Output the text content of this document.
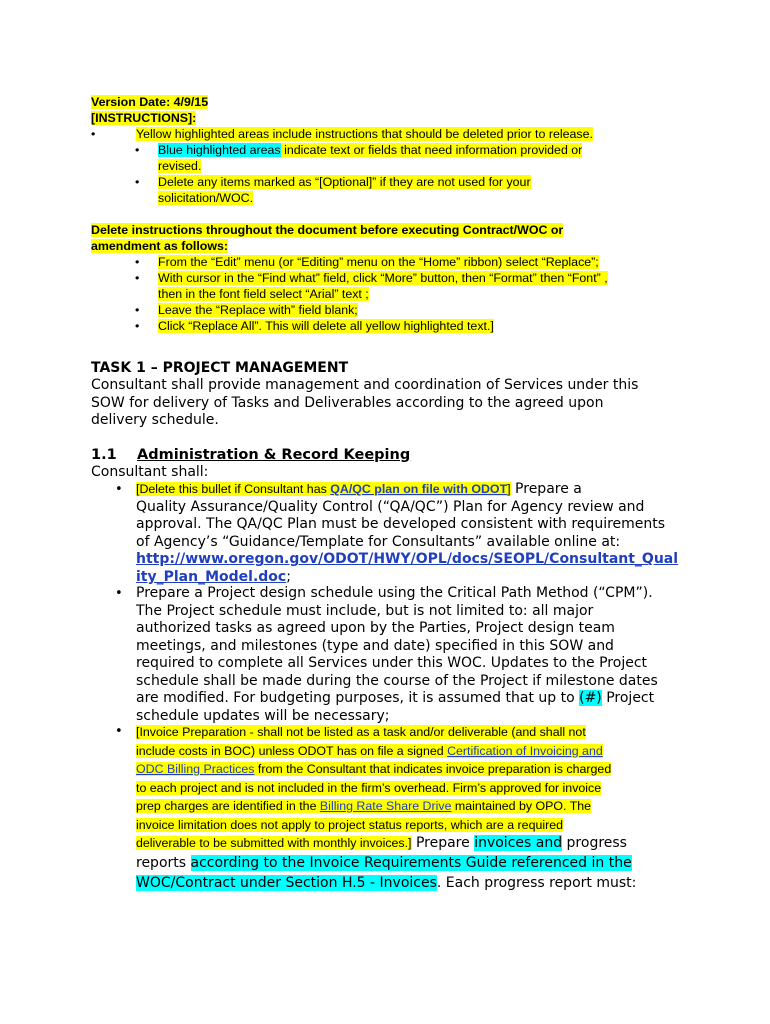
Version Date: 4/9/15
[INSTRUCTIONS]:
•	Yellow highlighted areas include instructions that should be deleted prior to release.
• Blue highlighted areas indicate text or fields that need information provided or
revised.
• Delete any items marked as “[Optional]” if they are not used for your
solicitation/WOC.
Delete instructions throughout the document before executing Contract/WOC or
amendment as follows:
• From the “Edit” menu (or “Editing” menu on the “Home” ribbon) select “Replace”;
• With cursor in the “Find what” field, click “More” button, then “Format” then “Font” ,
then in the font field select “Arial” text ;
• Leave the “Replace with” field blank;
• Click “Replace All”. This will delete all yellow highlighted text.]
TASK 1 – PROJECT MANAGEMENT
Consultant shall provide management and coordination of Services under this
SOW for delivery of Tasks and Deliverables according to the agreed upon
delivery schedule.
1.1 Administration & Record Keeping
Consultant shall:
• [Delete this bullet if Consultant has QA/QC plan on file with ODOT] Prepare a
Quality Assurance/Quality Control (“QA/QC”) Plan for Agency review and
approval. The QA/QC Plan must be developed consistent with requirements
of Agency’s “Guidance/Template for Consultants” available online at:
http://www.oregon.gov/ODOT/HWY/OPL/docs/SEOPL/Consultant_Qual
ity_Plan_Model.doc;
• Prepare a Project design schedule using the Critical Path Method (“CPM”).
The Project schedule must include, but is not limited to: all major
authorized tasks as agreed upon by the Parties, Project design team
meetings, and milestones (type and date) specified in this SOW and
required to complete all Services under this WOC. Updates to the Project
schedule shall be made during the course of the Project if milestone dates
are modified. For budgeting purposes, it is assumed that up to (#) Project
schedule updates will be necessary;
• [Invoice Preparation - shall not be listed as a task and/or deliverable (and shall not
include costs in BOC) unless ODOT has on file a signed Certification of Invoicing and
ODC Billing Practices from the Consultant that indicates invoice preparation is charged
to each project and is not included in the firm’s overhead. Firm’s approved for invoice
prep charges are identified in the Billing Rate Share Drive maintained by OPO. The
invoice limitation does not apply to project status reports, which are a required
deliverable to be submitted with monthly invoices.] Prepare invoices and progress
reports according to the Invoice Requirements Guide referenced in the
WOC/Contract under Section H.5 - Invoices. Each progress report must:
